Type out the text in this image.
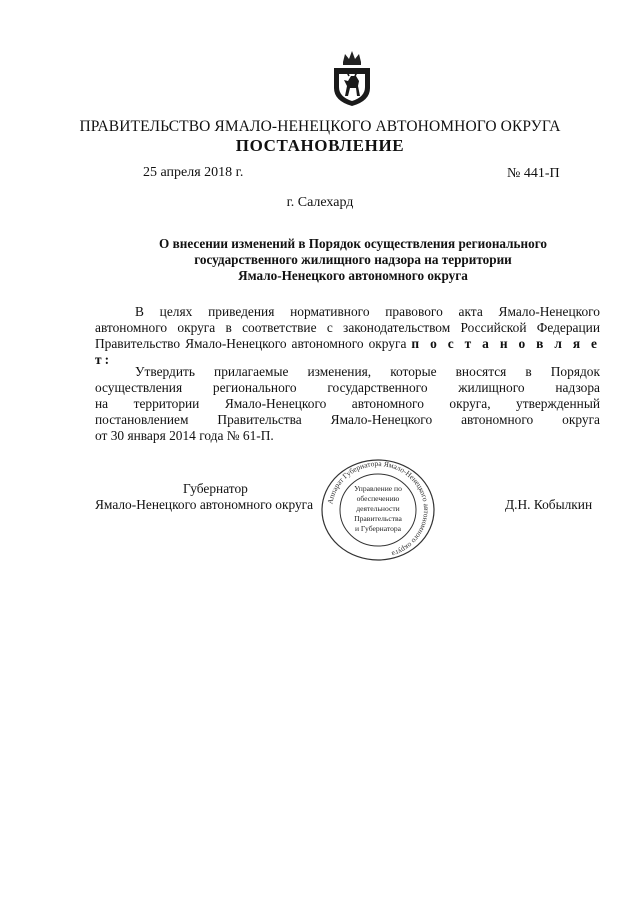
ПРАВИТЕЛЬСТВО ЯМАЛО-НЕНЕЦКОГО АВТОНОМНОГО ОКРУГА
ПОСТАНОВЛЕНИЕ
25 апреля 2018 г.	№ 441-П
г. Салехард
О внесении изменений в Порядок осуществления регионального
государственного жилищного надзора на территории
Ямало-Ненецкого автономного округа
В целях приведения нормативного правового акта Ямало-Ненецкого
автономного округа в соответствие с законодательством Российской Федерации
Правительство Ямало-Ненецкого автономного округа п о с т а н о в л я е т:
Утвердить прилагаемые изменения, которые вносятся в Порядок
осуществления регионального государственного жилищного надзора
на территории Ямало-Ненецкого автономного округа, утвержденный
постановлением Правительства Ямало-Ненецкого автономного округа
от 30 января 2014 года № 61-П.
Губернатор
Ямало-Ненецкого автономного округа	Д.Н. Кобылкин
Аппарат Губернатора Ямало-Ненецкого автономного округа
Управление по
обеспечению
деятельности
Правительства
и Губернатора
